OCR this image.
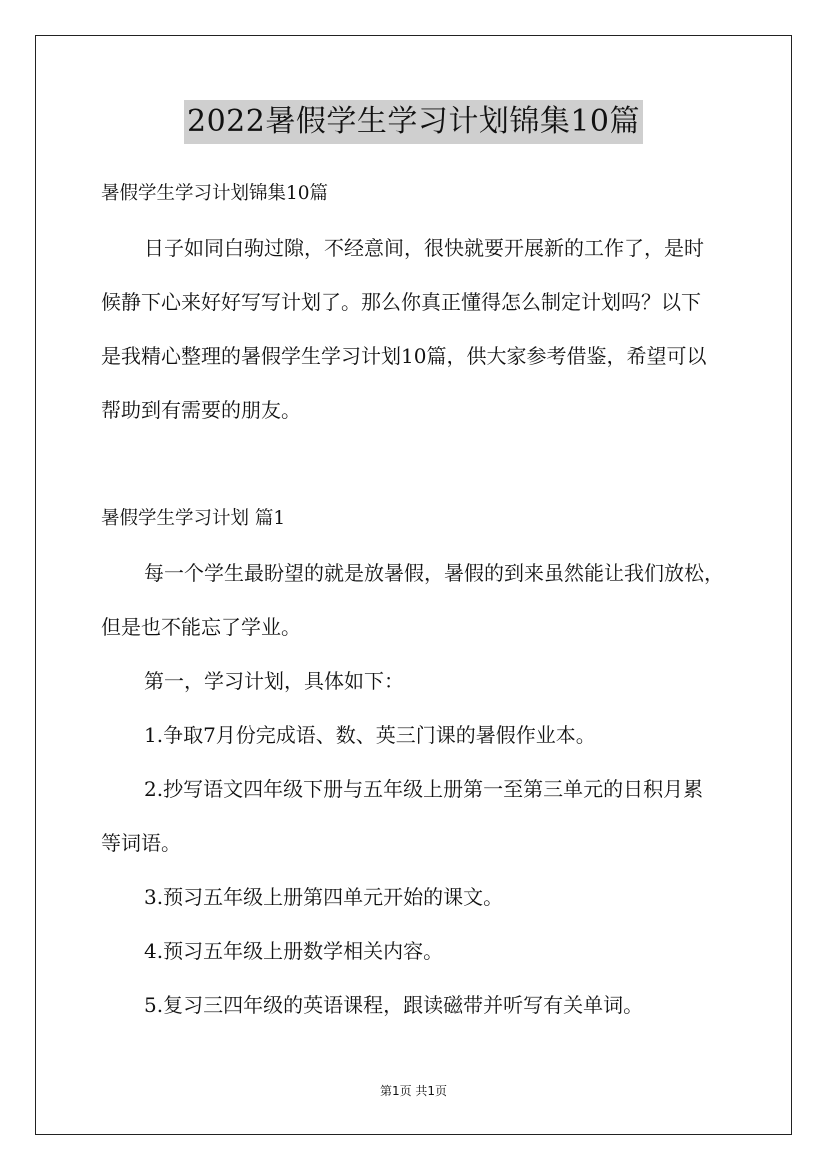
2022暑假学生学习计划锦集10篇
暑假学生学习计划锦集10篇
日子如同白驹过隙，不经意间，很快就要开展新的工作了，是时
候静下心来好好写写计划了。那么你真正懂得怎么制定计划吗？以下
是我精心整理的暑假学生学习计划10篇，供大家参考借鉴，希望可以
帮助到有需要的朋友。
暑假学生学习计划 篇1
每一个学生最盼望的就是放暑假，暑假的到来虽然能让我们放松，
但是也不能忘了学业。
第一，学习计划，具体如下：
1.争取7月份完成语、数、英三门课的暑假作业本。
2.抄写语文四年级下册与五年级上册第一至第三单元的日积月累
等词语。
3.预习五年级上册第四单元开始的课文。
4.预习五年级上册数学相关内容。
5.复习三四年级的英语课程，跟读磁带并听写有关单词。
第1页 共1页
